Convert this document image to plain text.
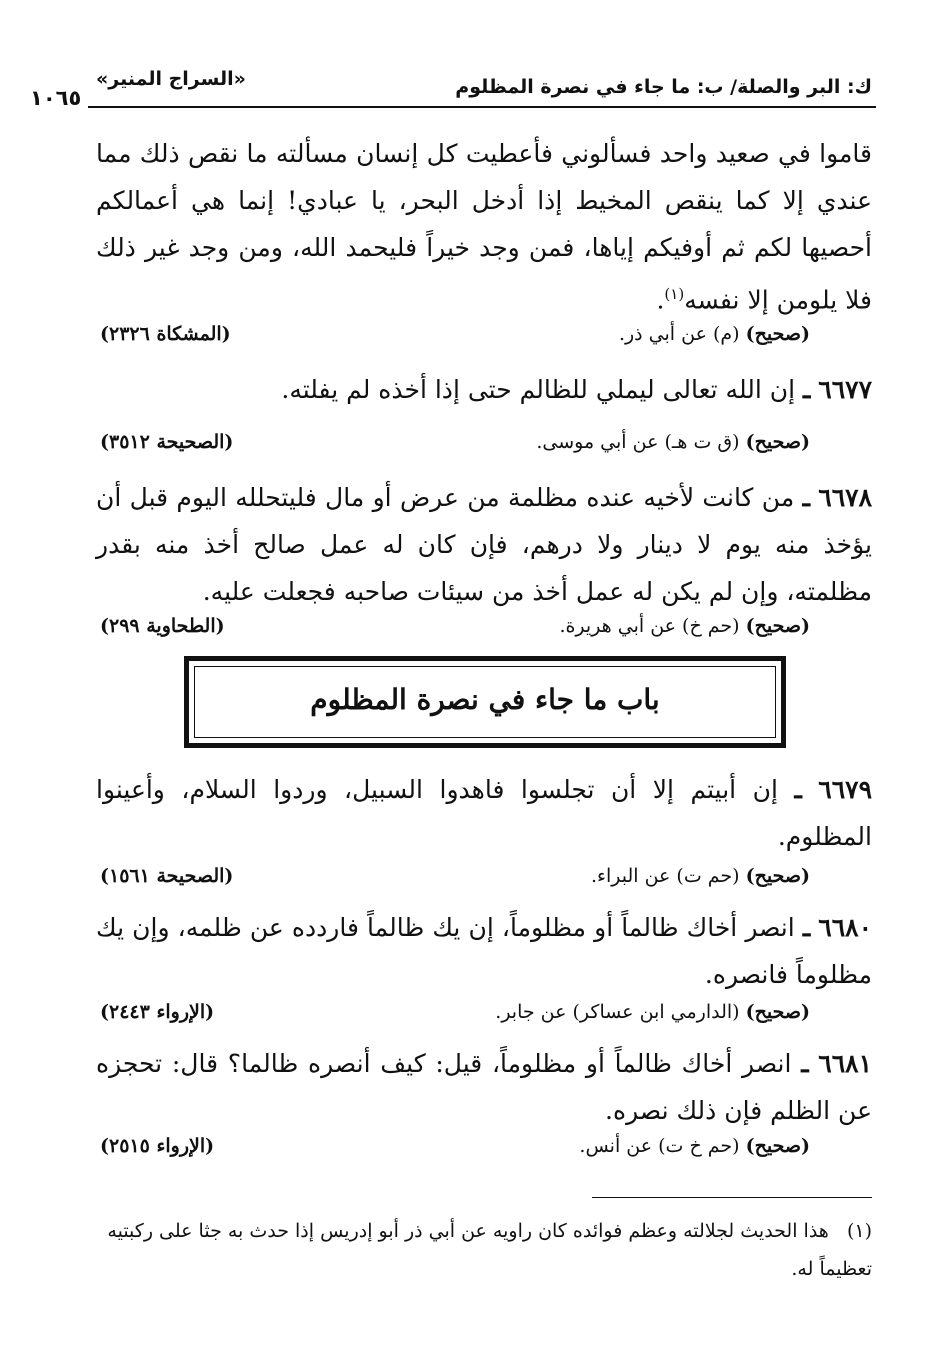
ك: البر والصلة/ ب: ما جاء في نصرة المظلوم
«السراج المنير»
١٠٦٥
قاموا في صعيد واحد فسألوني فأعطيت كل إنسان مسألته ما نقص ذلك مما عندي إلا كما ينقص المخيط إذا أدخل البحر، يا عبادي! إنما هي أعمالكم أحصيها لكم ثم أوفيكم إياها، فمن وجد خيراً فليحمد الله، ومن وجد غير ذلك فلا يلومن إلا نفسه$^{(١)}$.
(صحيح) (م) عن أبي ذر.
(المشكاة ٢٣٢٦)
٦٦٧٧ ـ إن الله تعالى ليملي للظالم حتى إذا أخذه لم يفلته.
(صحيح) (ق ت هـ) عن أبي موسى.
(الصحيحة ٣٥١٢)
٦٦٧٨ ـ من كانت لأخيه عنده مظلمة من عرض أو مال فليتحلله اليوم قبل أن يؤخذ منه يوم لا دينار ولا درهم، فإن كان له عمل صالح أخذ منه بقدر مظلمته، وإن لم يكن له عمل أخذ من سيئات صاحبه فجعلت عليه.
(صحيح) (حم خ) عن أبي هريرة.
(الطحاوية ٢٩٩)
باب ما جاء في نصرة المظلوم
٦٦٧٩ ـ إن أبيتم إلا أن تجلسوا فاهدوا السبيل، وردوا السلام، وأعينوا المظلوم.
(صحيح) (حم ت) عن البراء.
(الصحيحة ١٥٦١)
٦٦٨٠ ـ انصر أخاك ظالماً أو مظلوماً، إن يك ظالماً فاردده عن ظلمه، وإن يك مظلوماً فانصره.
(صحيح) (الدارمي ابن عساكر) عن جابر.
(الإرواء ٢٤٤٣)
٦٦٨١ ـ انصر أخاك ظالماً أو مظلوماً، قيل: كيف أنصره ظالما؟ قال: تحجزه عن الظلم فإن ذلك نصره.
(صحيح) (حم خ ت) عن أنس.
(الإرواء ٢٥١٥)
(١)   هذا الحديث لجلالته وعظم فوائده كان راويه عن أبي ذر أبو إدريس إذا حدث به جثا على ركبتيه تعظيماً له.
